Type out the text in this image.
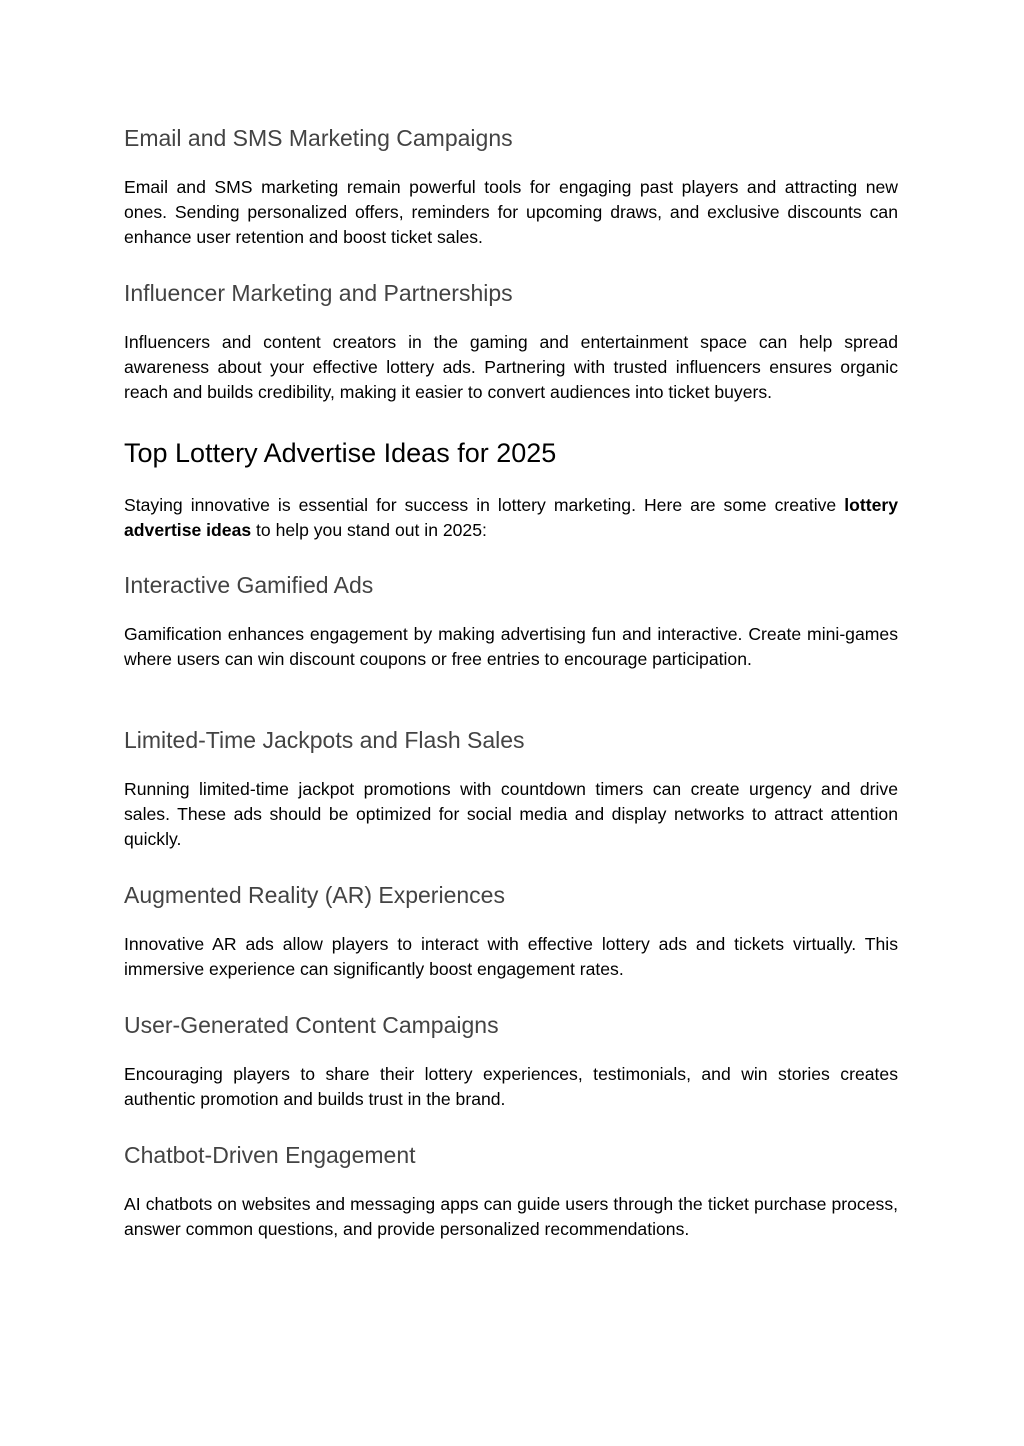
Email and SMS Marketing Campaigns

Email and SMS marketing remain powerful tools for engaging past players and attracting new ones. Sending personalized offers, reminders for upcoming draws, and exclusive discounts can enhance user retention and boost ticket sales.

Influencer Marketing and Partnerships

Influencers and content creators in the gaming and entertainment space can help spread awareness about your effective lottery ads. Partnering with trusted influencers ensures organic reach and builds credibility, making it easier to convert audiences into ticket buyers.

Top Lottery Advertise Ideas for 2025

Staying innovative is essential for success in lottery marketing. Here are some creative lottery advertise ideas to help you stand out in 2025:

Interactive Gamified Ads

Gamification enhances engagement by making advertising fun and interactive. Create mini-games where users can win discount coupons or free entries to encourage participation.

Limited-Time Jackpots and Flash Sales

Running limited-time jackpot promotions with countdown timers can create urgency and drive sales. These ads should be optimized for social media and display networks to attract attention quickly.

Augmented Reality (AR) Experiences

Innovative AR ads allow players to interact with effective lottery ads and tickets virtually. This immersive experience can significantly boost engagement rates.

User-Generated Content Campaigns

Encouraging players to share their lottery experiences, testimonials, and win stories creates authentic promotion and builds trust in the brand.

Chatbot-Driven Engagement

AI chatbots on websites and messaging apps can guide users through the ticket purchase process, answer common questions, and provide personalized recommendations.
